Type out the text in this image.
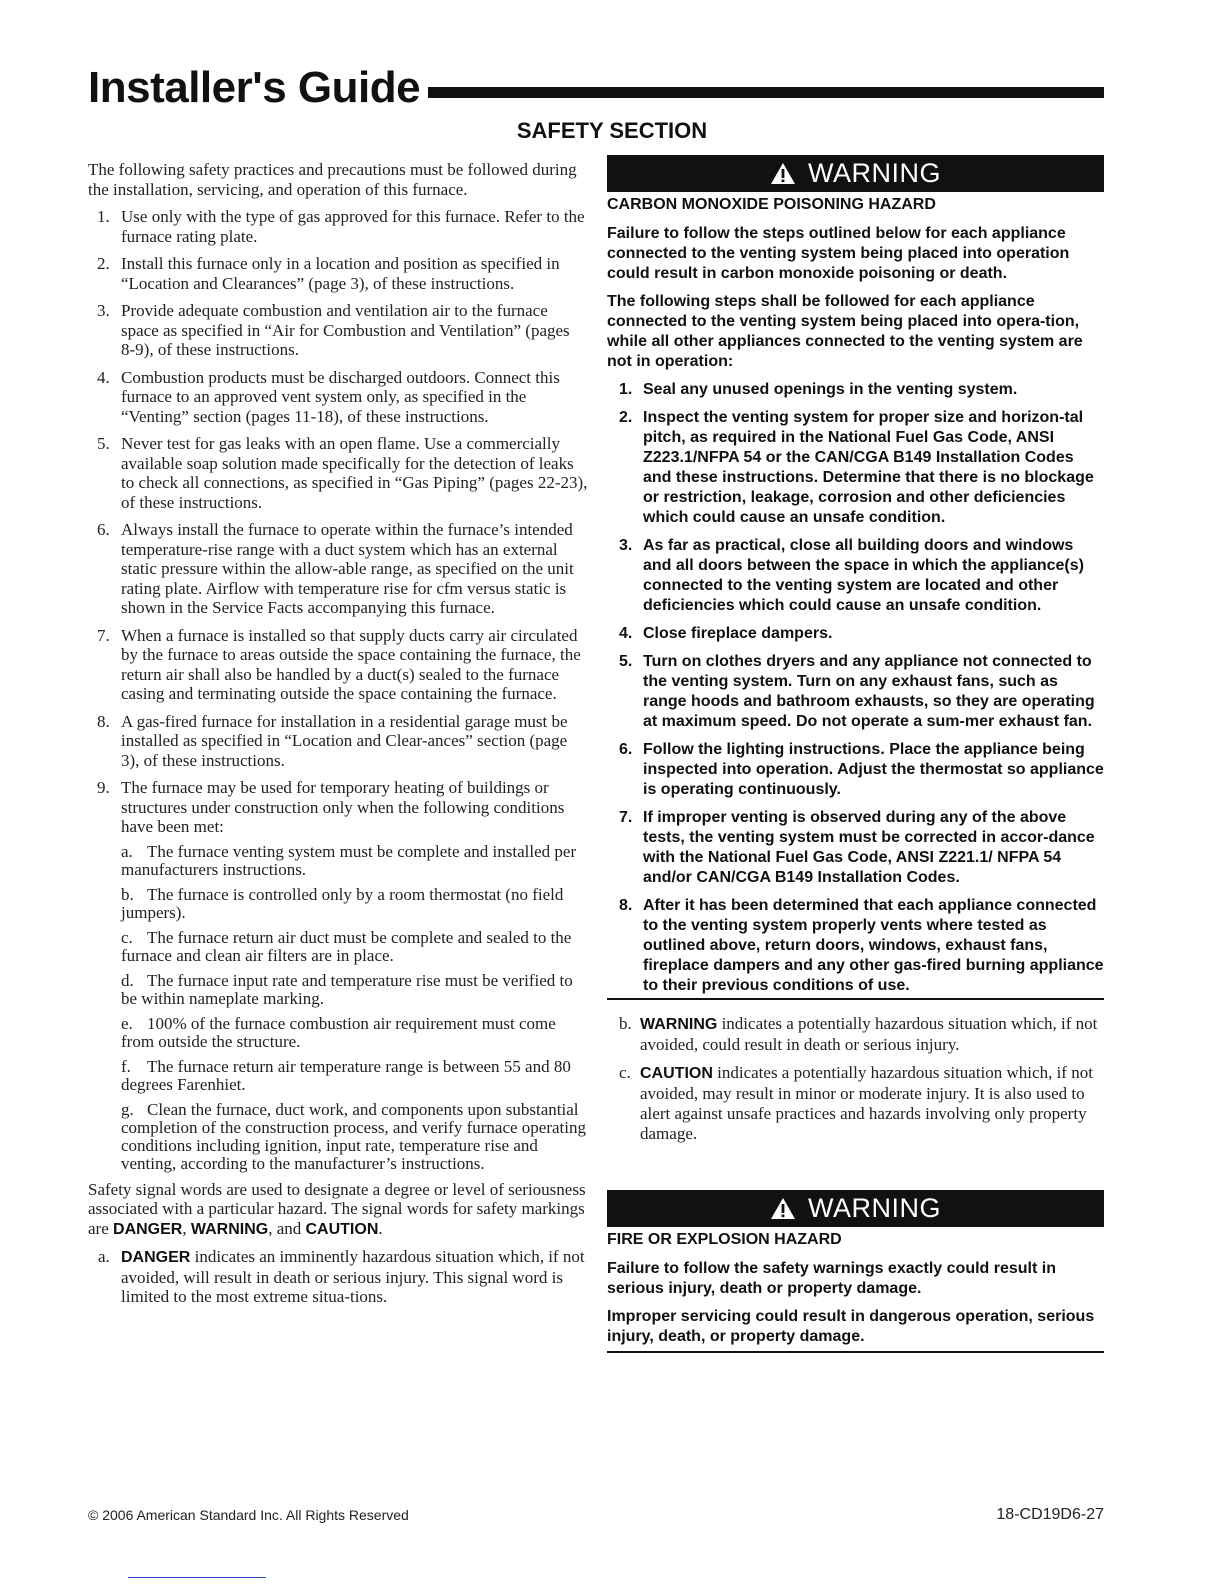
Installer's Guide
SAFETY SECTION

The following safety practices and precautions must be followed during the installation, servicing, and operation of this furnace.

1. Use only with the type of gas approved for this furnace. Refer to the furnace rating plate.
2. Install this furnace only in a location and position as specified in “Location and Clearances” (page 3), of these instructions.
3. Provide adequate combustion and ventilation air to the furnace space as specified in “Air for Combustion and Ventilation” (pages 8-9), of these instructions.
4. Combustion products must be discharged outdoors. Connect this furnace to an approved vent system only, as specified in the “Venting” section (pages 11-18), of these instructions.
5. Never test for gas leaks with an open flame. Use a commercially available soap solution made specifically for the detection of leaks to check all connections, as specified in “Gas Piping” (pages 22-23), of these instructions.
6. Always install the furnace to operate within the furnace’s intended temperature-rise range with a duct system which has an external static pressure within the allow-able range, as specified on the unit rating plate. Airflow with temperature rise for cfm versus static is shown in the Service Facts accompanying this furnace.
7. When a furnace is installed so that supply ducts carry air circulated by the furnace to areas outside the space containing the furnace, the return air shall also be handled by a duct(s) sealed to the furnace casing and terminating outside the space containing the furnace.
8. A gas-fired furnace for installation in a residential garage must be installed as specified in “Location and Clear-ances” section (page 3), of these instructions.
9. The furnace may be used for temporary heating of buildings or structures under construction only when the following conditions have been met:
a. The furnace venting system must be complete and installed per manufacturers instructions.
b. The furnace is controlled only by a room thermostat (no field jumpers).
c. The furnace return air duct must be complete and sealed to the furnace and clean air filters are in place.
d. The furnace input rate and temperature rise must be verified to be within nameplate marking.
e. 100% of the furnace combustion air requirement must come from outside the structure.
f. The furnace return air temperature range is between 55 and 80 degrees Farenhiet.
g. Clean the furnace, duct work, and components upon substantial completion of the construction process, and verify furnace operating conditions including ignition, input rate, temperature rise and venting, according to the manufacturer’s instructions.

Safety signal words are used to designate a degree or level of seriousness associated with a particular hazard. The signal words for safety markings are DANGER, WARNING, and CAUTION.

a. DANGER indicates an imminently hazardous situation which, if not avoided, will result in death or serious injury. This signal word is limited to the most extreme situa-tions.
WARNING
CARBON MONOXIDE POISONING HAZARD
Failure to follow the steps outlined below for each appliance connected to the venting system being placed into operation could result in carbon monoxide poisoning or death.
The following steps shall be followed for each appliance connected to the venting system being placed into opera-tion, while all other appliances connected to the venting system are not in operation:
1. Seal any unused openings in the venting system.
2. Inspect the venting system for proper size and horizon-tal pitch, as required in the National Fuel Gas Code, ANSI Z223.1/NFPA 54 or the CAN/CGA B149 Installation Codes and these instructions. Determine that there is no blockage or restriction, leakage, corrosion and other deficiencies which could cause an unsafe condition.
3. As far as practical, close all building doors and windows and all doors between the space in which the appliance(s) connected to the venting system are located and other deficiencies which could cause an unsafe condition.
4. Close fireplace dampers.
5. Turn on clothes dryers and any appliance not connected to the venting system. Turn on any exhaust fans, such as range hoods and bathroom exhausts, so they are operating at maximum speed. Do not operate a sum-mer exhaust fan.
6. Follow the lighting instructions. Place the appliance being inspected into operation. Adjust the thermostat so appliance is operating continuously.
7. If improper venting is observed during any of the above tests, the venting system must be corrected in accor-dance with the National Fuel Gas Code, ANSI Z221.1/ NFPA 54 and/or CAN/CGA B149 Installation Codes.
8. After it has been determined that each appliance connected to the venting system properly vents where tested as outlined above, return doors, windows, exhaust fans, fireplace dampers and any other gas-fired burning appliance to their previous conditions of use.
b. WARNING indicates a potentially hazardous situation which, if not avoided, could result in death or serious injury.
c. CAUTION indicates a potentially hazardous situation which, if not avoided, may result in minor or moderate injury. It is also used to alert against unsafe practices and hazards involving only property damage.
WARNING
FIRE OR EXPLOSION HAZARD
Failure to follow the safety warnings exactly could result in serious injury, death or property damage.
Improper servicing could result in dangerous operation, serious injury, death, or property damage.
© 2006 American Standard Inc. All Rights Reserved	18-CD19D6-27
